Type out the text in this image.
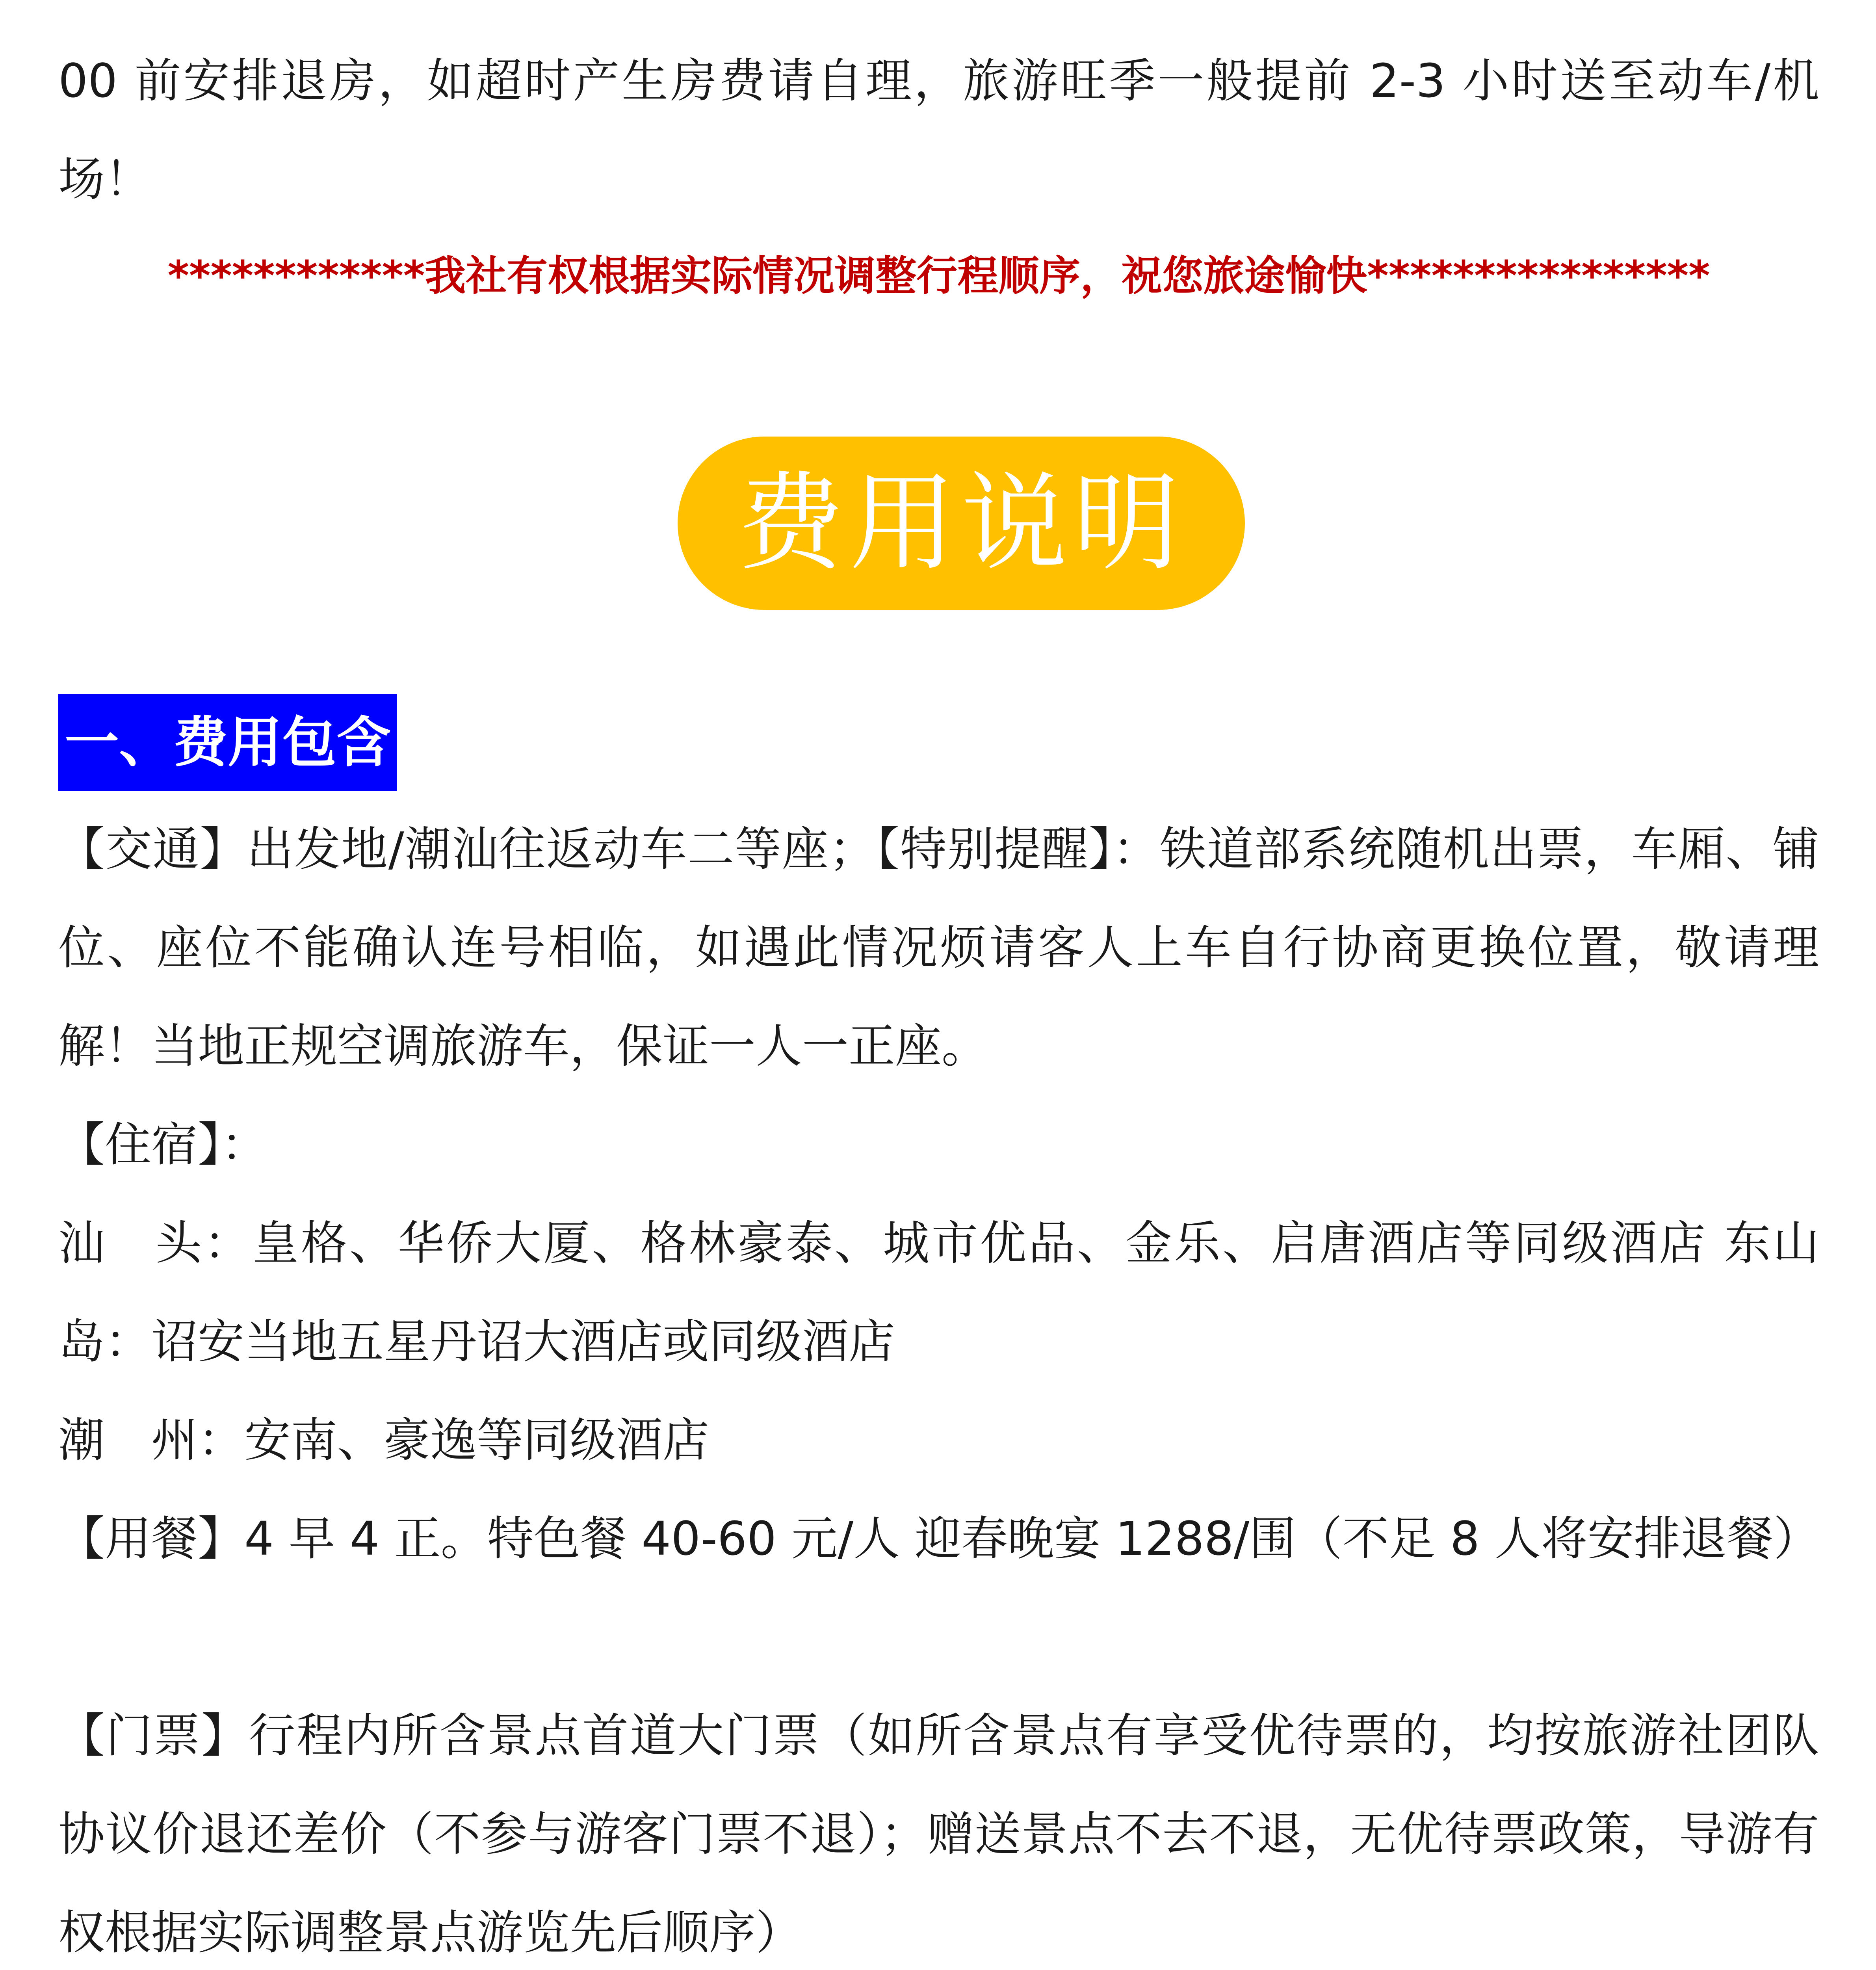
00 前安排退房，如超时产生房费请自理，旅游旺季一般提前 2-3 小时送至动车/机场！

************我社有权根据实际情况调整行程顺序，祝您旅途愉快****************
费用说明
一、费用包含

【交通】出发地/潮汕往返动车二等座；【特别提醒】：铁道部系统随机出票，车厢、铺位、座位不能确认连号相临，如遇此情况烦请客人上车自行协商更换位置，敬请理解！当地正规空调旅游车，保证一人一正座。

【住宿】：

汕　头：皇格、华侨大厦、格林豪泰、城市优品、金乐、启唐酒店等同级酒店 东山岛：诏安当地五星丹诏大酒店或同级酒店

潮　州：安南、豪逸等同级酒店

【用餐】4 早 4 正。特色餐 40-60 元/人 迎春晚宴 1288/围（不足 8 人将安排退餐）

【门票】行程内所含景点首道大门票（如所含景点有享受优待票的，均按旅游社团队协议价退还差价（不参与游客门票不退）；赠送景点不去不退，无优待票政策，导游有权根据实际调整景点游览先后顺序）
